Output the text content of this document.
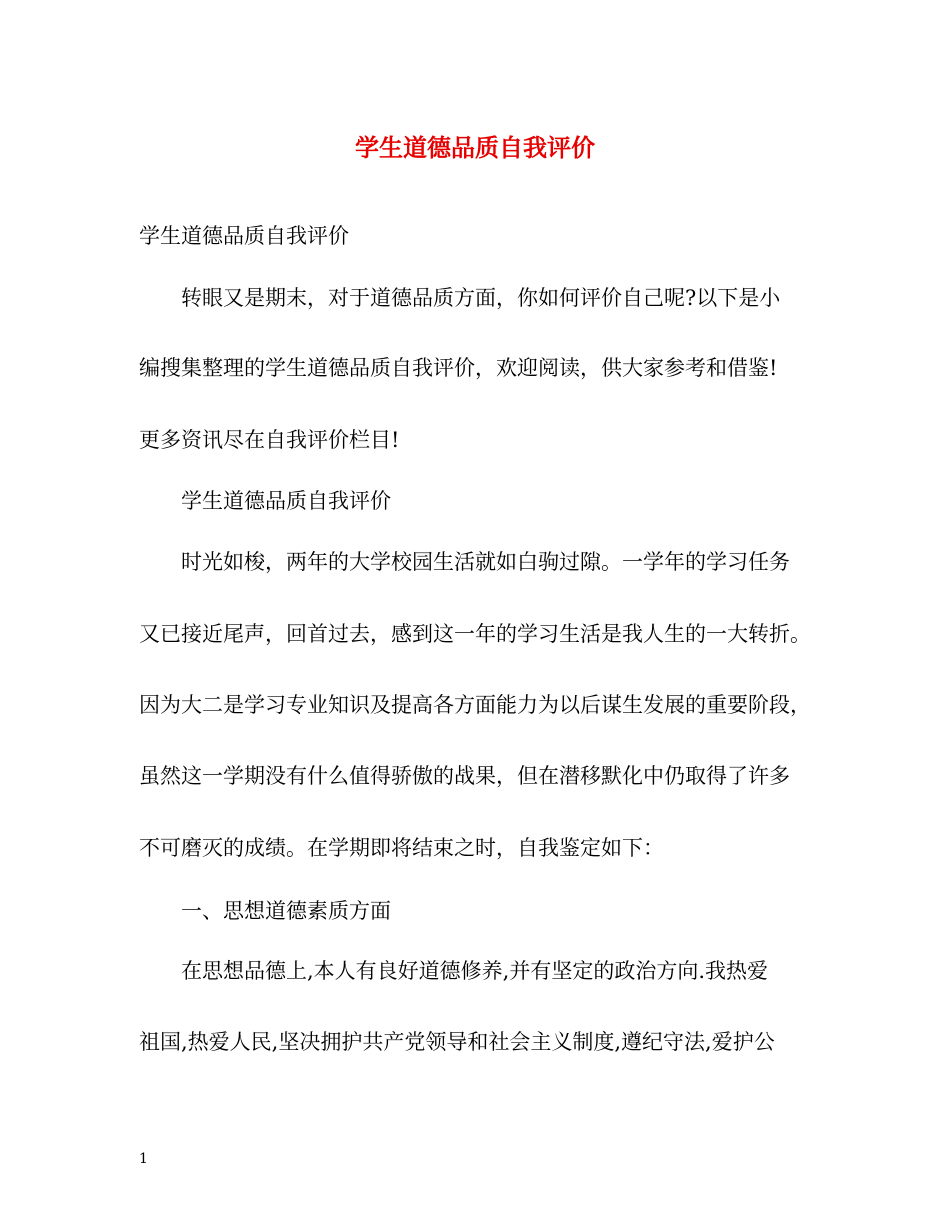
学生道德品质自我评价

学生道德品质自我评价

转眼又是期末，对于道德品质方面，你如何评价自己呢?以下是小

编搜集整理的学生道德品质自我评价，欢迎阅读，供大家参考和借鉴!

更多资讯尽在自我评价栏目!

学生道德品质自我评价

时光如梭，两年的大学校园生活就如白驹过隙。一学年的学习任务

又已接近尾声，回首过去，感到这一年的学习生活是我人生的一大转折。

因为大二是学习专业知识及提高各方面能力为以后谋生发展的重要阶段，

虽然这一学期没有什么值得骄傲的战果，但在潜移默化中仍取得了许多

不可磨灭的成绩。在学期即将结束之时，自我鉴定如下：

一、思想道德素质方面

在思想品德上,本人有良好道德修养,并有坚定的政治方向.我热爱

祖国,热爱人民,坚决拥护共产党领导和社会主义制度,遵纪守法,爱护公

1
